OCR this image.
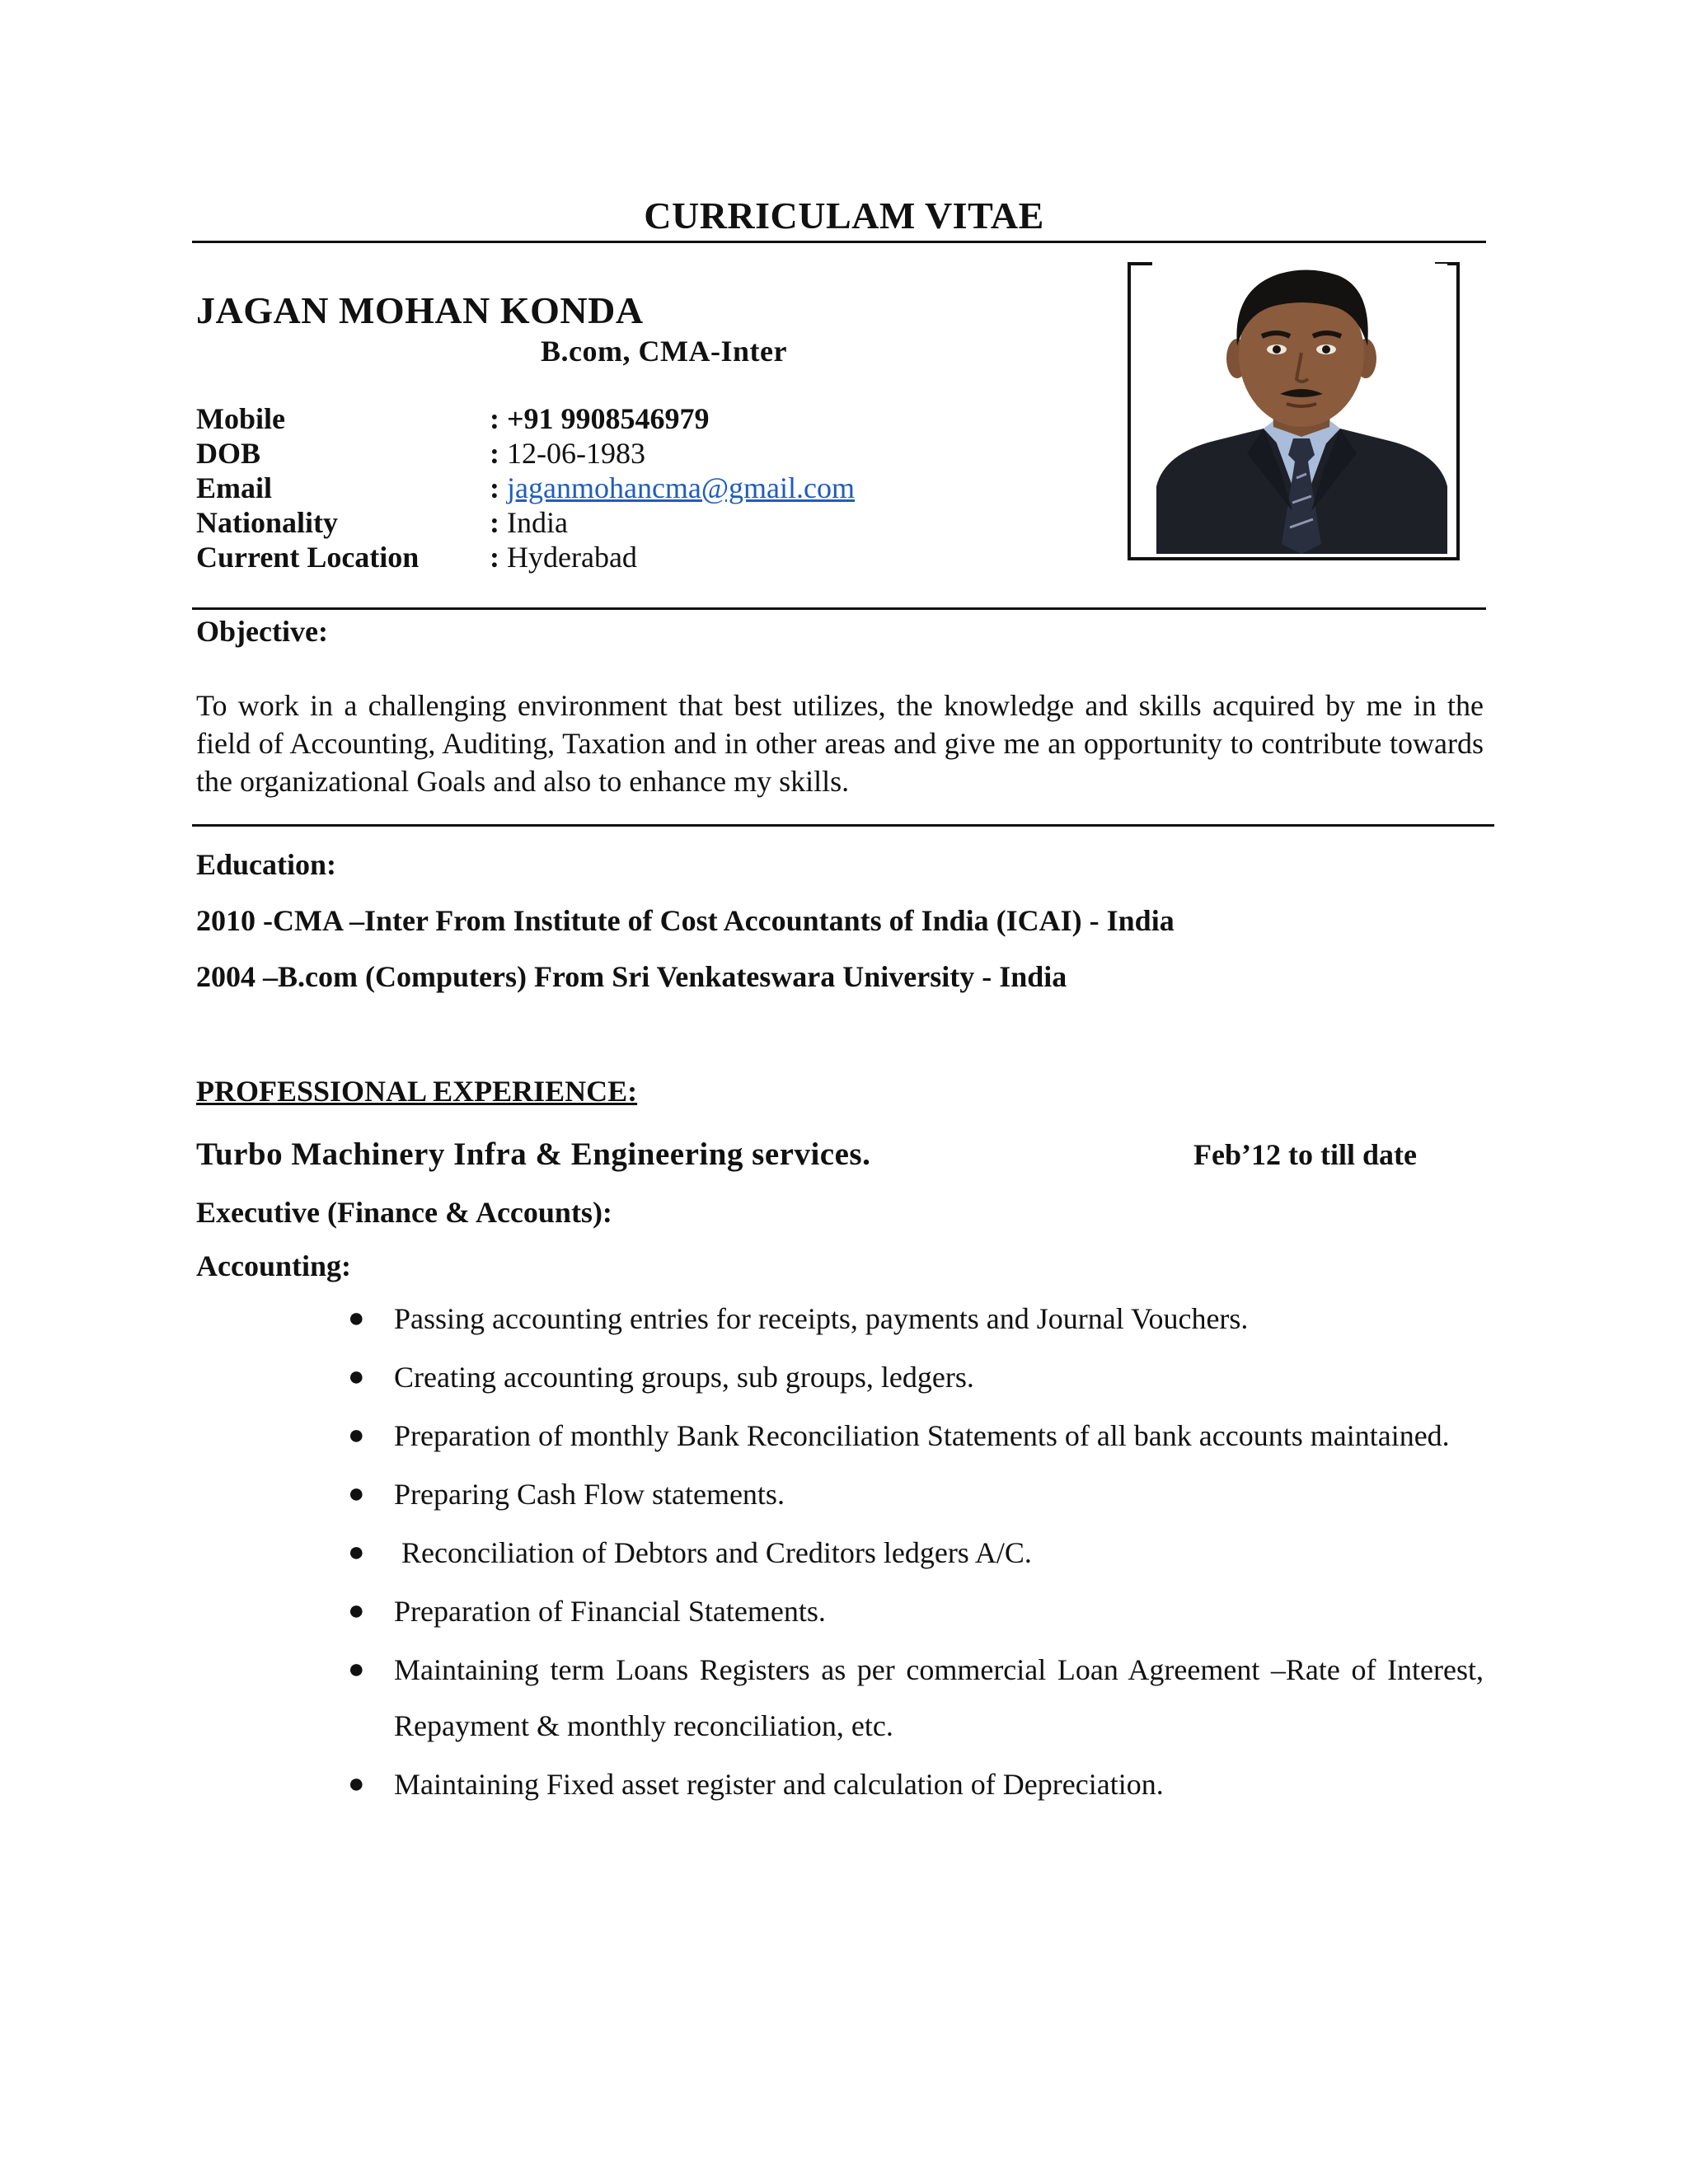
CURRICULAM VITAE
JAGAN MOHAN KONDA
B.com, CMA-Inter
Mobile	: +91 9908546979
DOB	: 12-06-1983
Email	: jaganmohancma@gmail.com
Nationality	: India
Current Location : Hyderabad
Objective:
To work in a challenging environment that best utilizes, the knowledge and skills acquired by me in the field of Accounting, Auditing, Taxation and in other areas and give me an opportunity to contribute towards the organizational Goals and also to enhance my skills.
Education:
2010 -CMA –Inter From Institute of Cost Accountants of India (ICAI) - India
2004 –B.com (Computers) From Sri Venkateswara University - India
PROFESSIONAL EXPERIENCE:
Turbo Machinery Infra & Engineering services.	Feb’12 to till date
Executive (Finance & Accounts):
Accounting:
● Passing accounting entries for receipts, payments and Journal Vouchers.
● Creating accounting groups, sub groups, ledgers.
● Preparation of monthly Bank Reconciliation Statements of all bank accounts maintained.
● Preparing Cash Flow statements.
● Reconciliation of Debtors and Creditors ledgers A/C.
● Preparation of Financial Statements.
● Maintaining term Loans Registers as per commercial Loan Agreement –Rate of Interest, Repayment & monthly reconciliation, etc.
● Maintaining Fixed asset register and calculation of Depreciation.
